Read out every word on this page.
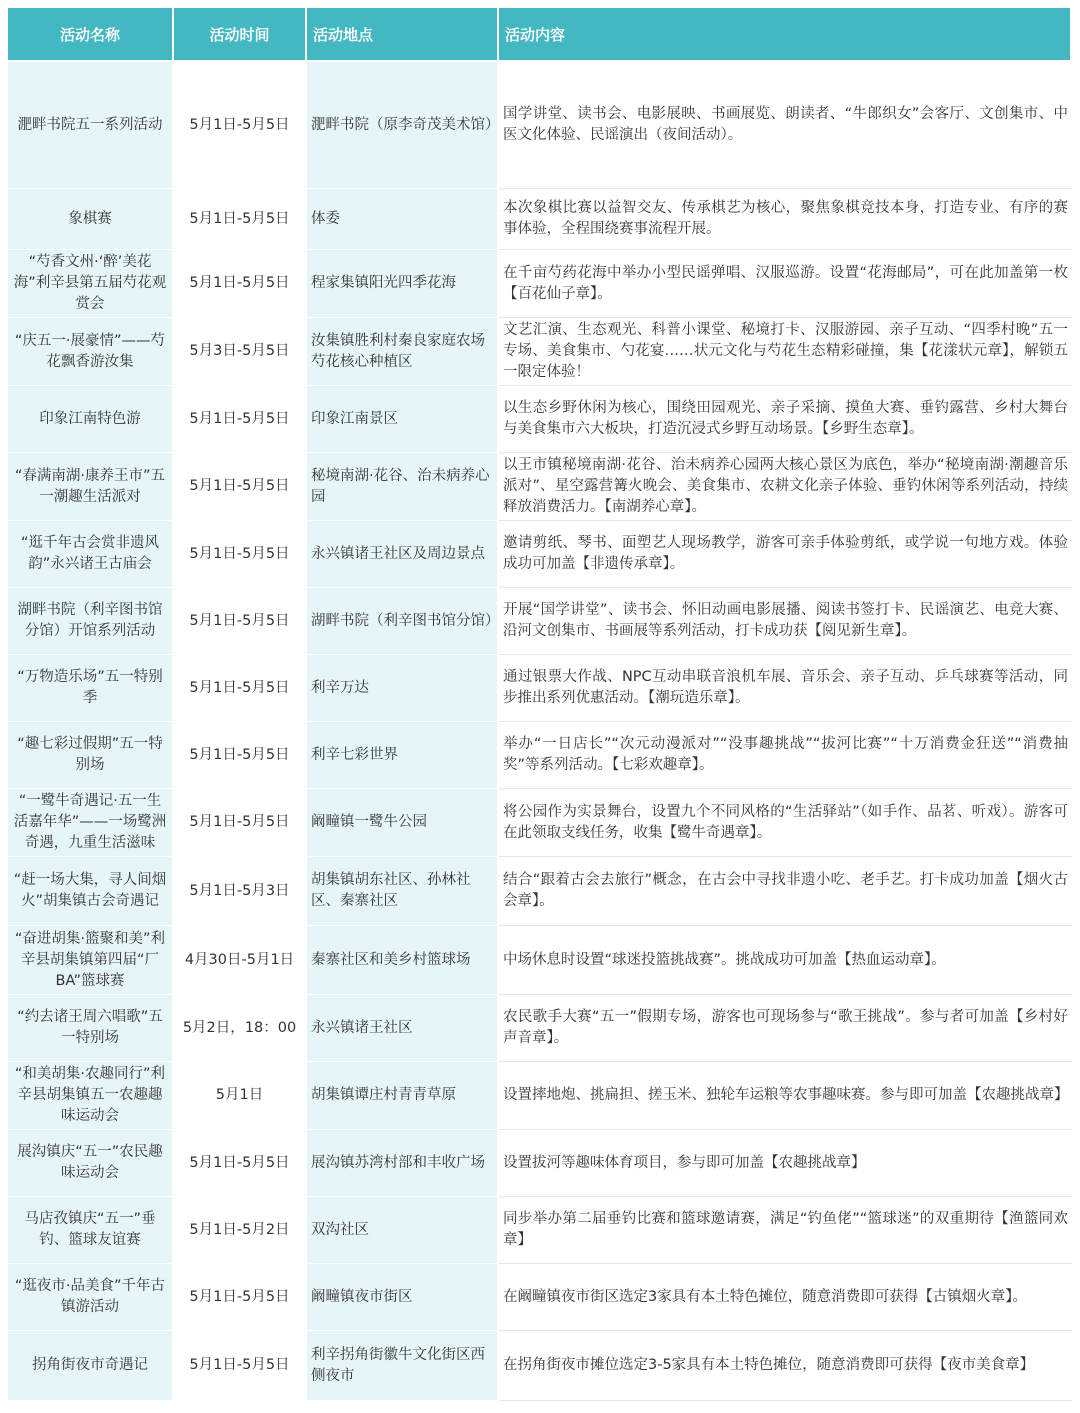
活动名称	活动时间	活动地点	活动内容
淝畔书院五一系列活动	5月1日-5月5日	淝畔书院（原李奇茂美术馆）	国学讲堂、读书会、电影展映、书画展览、朗读者、“牛郎织女”会客厅、文创集市、中医文化体验、民谣演出（夜间活动）。
象棋赛	5月1日-5月5日	体委	本次象棋比赛以益智交友、传承棋艺为核心，聚焦象棋竞技本身，打造专业、有序的赛事体验，全程围绕赛事流程开展。
“芍香文州·‘醉’美花海”利辛县第五届芍花观赏会	5月1日-5月5日	程家集镇阳光四季花海	在千亩芍药花海中举办小型民谣弹唱、汉服巡游。设置“花海邮局”，可在此加盖第一枚【百花仙子章】。
“庆五一·展豪情”——芍花飘香游汝集	5月3日-5月5日	汝集镇胜利村秦良家庭农场芍花核心种植区	文艺汇演、生态观光、科普小课堂、秘境打卡、汉服游园、亲子互动、“四季村晚”五一专场、美食集市、勺花宴……状元文化与芍花生态精彩碰撞，集【花漾状元章】，解锁五一限定体验！
印象江南特色游	5月1日-5月5日	印象江南景区	以生态乡野休闲为核心，围绕田园观光、亲子采摘、摸鱼大赛、垂钓露营、乡村大舞台与美食集市六大板块，打造沉浸式乡野互动场景。【乡野生态章】。
“春满南湖·康养王市”五一潮趣生活派对	5月1日-5月5日	秘境南湖·花谷、治未病养心园	以王市镇秘境南湖·花谷、治未病养心园两大核心景区为底色，举办“秘境南湖·潮趣音乐派对”、星空露营篝火晚会、美食集市、农耕文化亲子体验、垂钓休闲等系列活动，持续释放消费活力。【南湖养心章】。
“逛千年古会赏非遗风韵”永兴诸王古庙会	5月1日-5月5日	永兴镇诸王社区及周边景点	邀请剪纸、琴书、面塑艺人现场教学，游客可亲手体验剪纸，或学说一句地方戏。体验成功可加盖【非遗传承章】。
湖畔书院（利辛图书馆分馆）开馆系列活动	5月1日-5月5日	湖畔书院（利辛图书馆分馆）	开展“国学讲堂”、读书会、怀旧动画电影展播、阅读书签打卡、民谣演艺、电竞大赛、沿河文创集市、书画展等系列活动，打卡成功获【阅见新生章】。
“万物造乐场”五一特别季	5月1日-5月5日	利辛万达	通过银票大作战、NPC互动串联音浪机车展、音乐会、亲子互动、乒乓球赛等活动，同步推出系列优惠活动。【潮玩造乐章】。
“趣七彩过假期”五一特别场	5月1日-5月5日	利辛七彩世界	举办“一日店长”“次元动漫派对”“没事趣挑战”“拔河比赛”“十万消费金狂送”“消费抽奖”等系列活动。【七彩欢趣章】。
“一鹭牛奇遇记·五一生活嘉年华”——一场鹭洲奇遇，九重生活滋味	5月1日-5月5日	阚疃镇一鹭牛公园	将公园作为实景舞台，设置九个不同风格的“生活驿站”（如手作、品茗、听戏）。游客可在此领取支线任务，收集【鹭牛奇遇章】。
“赶一场大集，寻人间烟火”胡集镇古会奇遇记	5月1日-5月3日	胡集镇胡东社区、孙林社区、秦寨社区	结合“跟着古会去旅行”概念，在古会中寻找非遗小吃、老手艺。打卡成功加盖【烟火古会章】。
“奋进胡集·篮聚和美”利辛县胡集镇第四届“厂BA”篮球赛	4月30日-5月1日	秦寨社区和美乡村篮球场	中场休息时设置“球迷投篮挑战赛”。挑战成功可加盖【热血运动章】。
“约去诸王周六唱歌”五一特别场	5月2日，18：00	永兴镇诸王社区	农民歌手大赛“五一”假期专场，游客也可现场参与“歌王挑战”。参与者可加盖【乡村好声音章】。
“和美胡集·农趣同行”利辛县胡集镇五一农趣趣味运动会	5月1日	胡集镇谭庄村青青草原	设置摔地炮、挑扁担、搓玉米、独轮车运粮等农事趣味赛。参与即可加盖【农趣挑战章】
展沟镇庆“五一”农民趣味运动会	5月1日-5月5日	展沟镇苏湾村部和丰收广场	设置拔河等趣味体育项目，参与即可加盖【农趣挑战章】
马店孜镇庆“五一”垂钓、篮球友谊赛	5月1日-5月2日	双沟社区	同步举办第二届垂钓比赛和篮球邀请赛，满足“钓鱼佬”“篮球迷”的双重期待【渔篮同欢章】
“逛夜市·品美食”千年古镇游活动	5月1日-5月5日	阚疃镇夜市街区	在阚疃镇夜市街区选定3家具有本土特色摊位，随意消费即可获得【古镇烟火章】。
拐角街夜市奇遇记	5月1日-5月5日	利辛拐角街徽牛文化街区西侧夜市	在拐角街夜市摊位选定3-5家具有本土特色摊位，随意消费即可获得【夜市美食章】
